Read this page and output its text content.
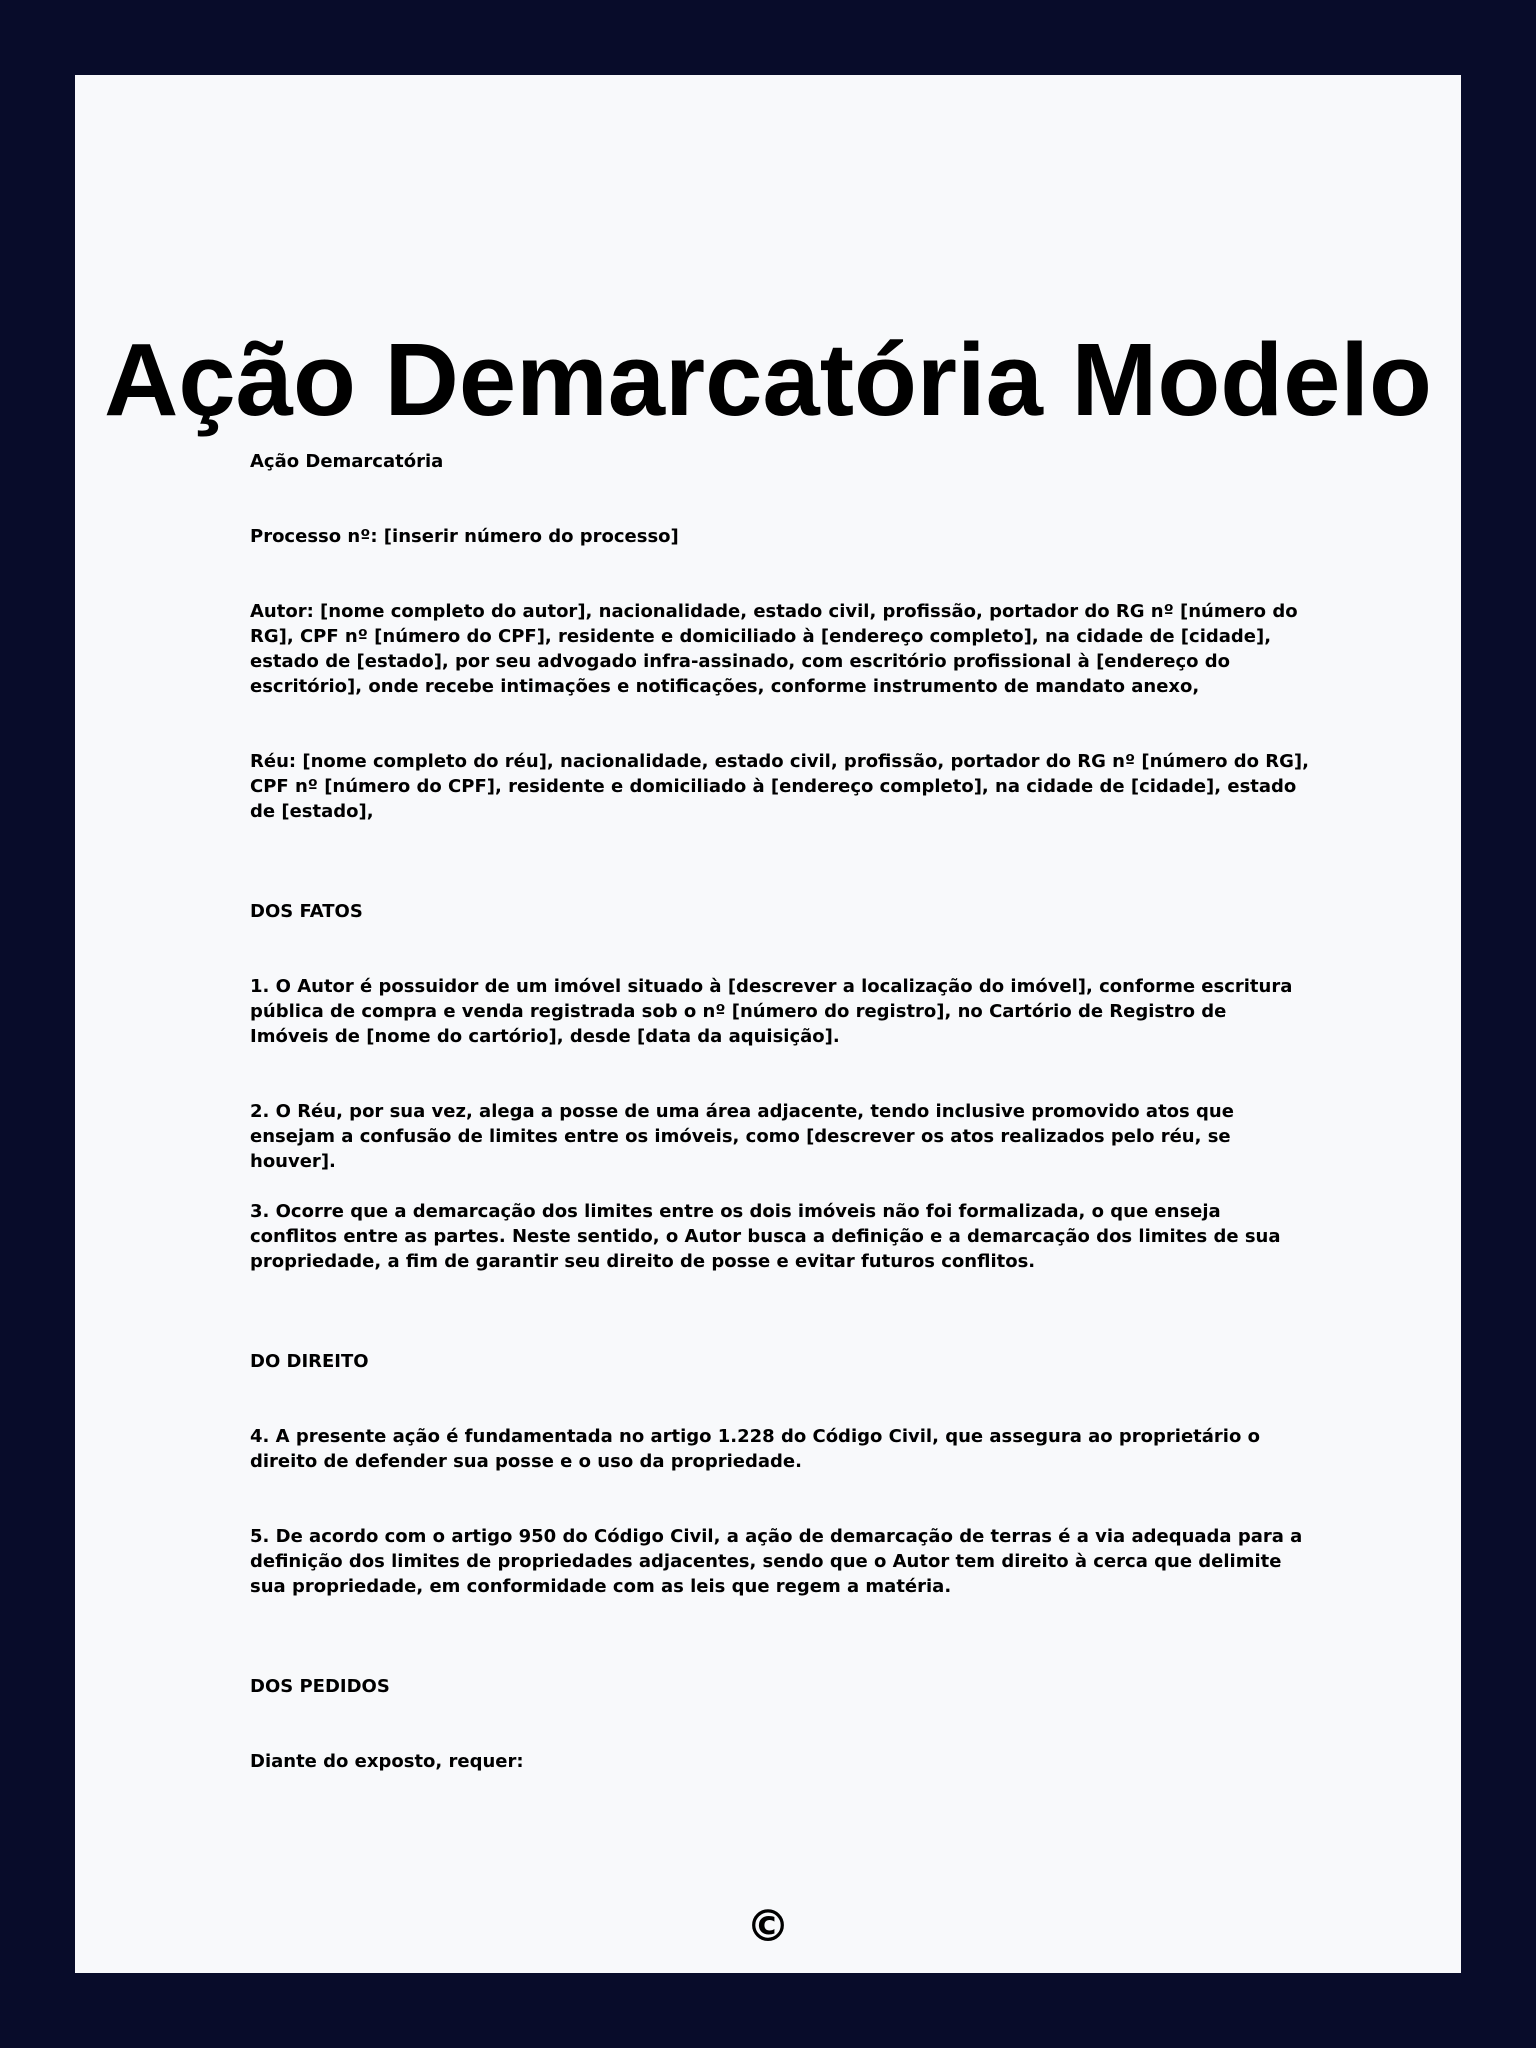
Ação Demarcatória Modelo

Ação Demarcatória

Processo nº: [inserir número do processo]

Autor: [nome completo do autor], nacionalidade, estado civil, profissão, portador do RG nº [número do RG], CPF nº [número do CPF], residente e domiciliado à [endereço completo], na cidade de [cidade], estado de [estado], por seu advogado infra-assinado, com escritório profissional à [endereço do escritório], onde recebe intimações e notificações, conforme instrumento de mandato anexo,

Réu: [nome completo do réu], nacionalidade, estado civil, profissão, portador do RG nº [número do RG], CPF nº [número do CPF], residente e domiciliado à [endereço completo], na cidade de [cidade], estado de [estado],

DOS FATOS

1. O Autor é possuidor de um imóvel situado à [descrever a localização do imóvel], conforme escritura pública de compra e venda registrada sob o nº [número do registro], no Cartório de Registro de Imóveis de [nome do cartório], desde [data da aquisição].

2. O Réu, por sua vez, alega a posse de uma área adjacente, tendo inclusive promovido atos que ensejam a confusão de limites entre os imóveis, como [descrever os atos realizados pelo réu, se houver].

3. Ocorre que a demarcação dos limites entre os dois imóveis não foi formalizada, o que enseja conflitos entre as partes. Neste sentido, o Autor busca a definição e a demarcação dos limites de sua propriedade, a fim de garantir seu direito de posse e evitar futuros conflitos.

DO DIREITO

4. A presente ação é fundamentada no artigo 1.228 do Código Civil, que assegura ao proprietário o direito de defender sua posse e o uso da propriedade.

5. De acordo com o artigo 950 do Código Civil, a ação de demarcação de terras é a via adequada para a definição dos limites de propriedades adjacentes, sendo que o Autor tem direito à cerca que delimite sua propriedade, em conformidade com as leis que regem a matéria.

DOS PEDIDOS

Diante do exposto, requer:

©
